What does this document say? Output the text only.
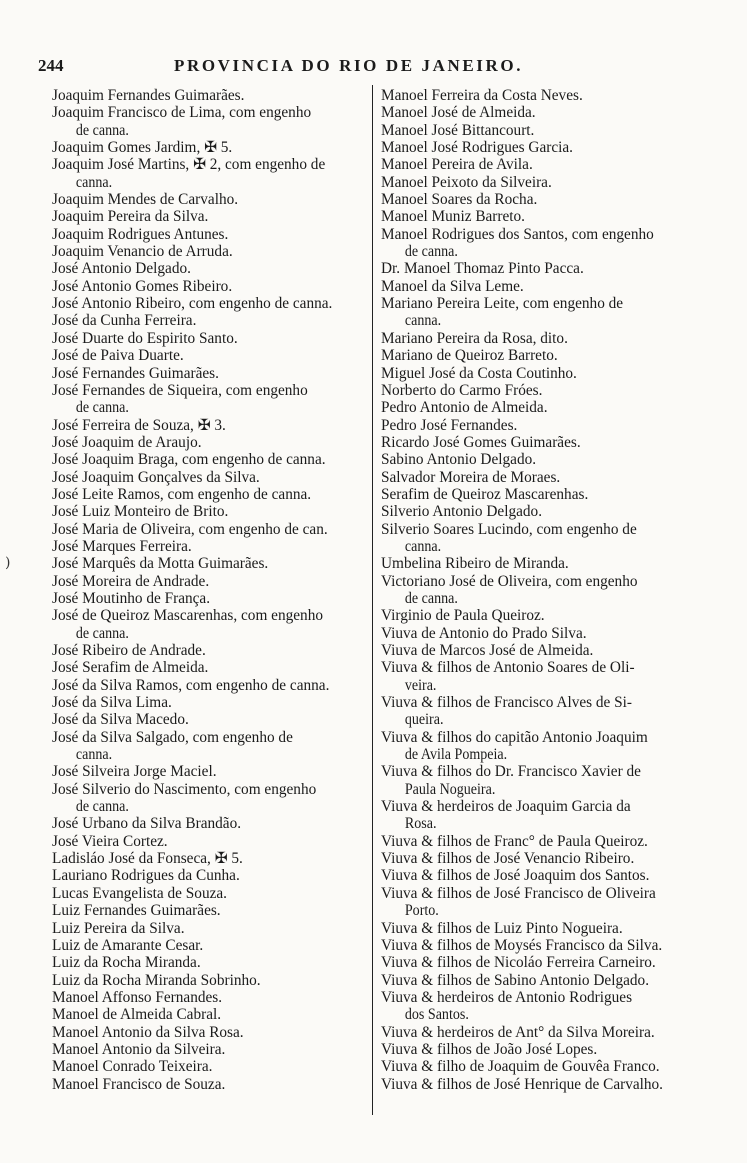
244	PROVINCIA DO RIO DE JANEIRO.
Joaquim Fernandes Guimarães.
Joaquim Francisco de Lima, com engenho
de canna.
Joaquim Gomes Jardim, ✠ 5.
Joaquim José Martins, ✠ 2, com engenho de
canna.
Joaquim Mendes de Carvalho.
Joaquim Pereira da Silva.
Joaquim Rodrigues Antunes.
Joaquim Venancio de Arruda.
José Antonio Delgado.
José Antonio Gomes Ribeiro.
José Antonio Ribeiro, com engenho de canna.
José da Cunha Ferreira.
José Duarte do Espirito Santo.
José de Paiva Duarte.
José Fernandes Guimarães.
José Fernandes de Siqueira, com engenho
de canna.
José Ferreira de Souza, ✠ 3.
José Joaquim de Araujo.
José Joaquim Braga, com engenho de canna.
José Joaquim Gonçalves da Silva.
José Leite Ramos, com engenho de canna.
José Luiz Monteiro de Brito.
José Maria de Oliveira, com engenho de can.
José Marques Ferreira.
José Marquês da Motta Guimarães.
José Moreira de Andrade.
José Moutinho de França.
José de Queiroz Mascarenhas, com engenho
de canna.
José Ribeiro de Andrade.
José Serafim de Almeida.
José da Silva Ramos, com engenho de canna.
José da Silva Lima.
José da Silva Macedo.
José da Silva Salgado, com engenho de
canna.
José Silveira Jorge Maciel.
José Silverio do Nascimento, com engenho
de canna.
José Urbano da Silva Brandão.
José Vieira Cortez.
Ladisláo José da Fonseca, ✠ 5.
Lauriano Rodrigues da Cunha.
Lucas Evangelista de Souza.
Luiz Fernandes Guimarães.
Luiz Pereira da Silva.
Luiz de Amarante Cesar.
Luiz da Rocha Miranda.
Luiz da Rocha Miranda Sobrinho.
Manoel Affonso Fernandes.
Manoel de Almeida Cabral.
Manoel Antonio da Silva Rosa.
Manoel Antonio da Silveira.
Manoel Conrado Teixeira.
Manoel Francisco de Souza.
Manoel Ferreira da Costa Neves.
Manoel José de Almeida.
Manoel José Bittancourt.
Manoel José Rodrigues Garcia.
Manoel Pereira de Avila.
Manoel Peixoto da Silveira.
Manoel Soares da Rocha.
Manoel Muniz Barreto.
Manoel Rodrigues dos Santos, com engenho
de canna.
Dr. Manoel Thomaz Pinto Pacca.
Manoel da Silva Leme.
Mariano Pereira Leite, com engenho de
canna.
Mariano Pereira da Rosa, dito.
Mariano de Queiroz Barreto.
Miguel José da Costa Coutinho.
Norberto do Carmo Fróes.
Pedro Antonio de Almeida.
Pedro José Fernandes.
Ricardo José Gomes Guimarães.
Sabino Antonio Delgado.
Salvador Moreira de Moraes.
Serafim de Queiroz Mascarenhas.
Silverio Antonio Delgado.
Silverio Soares Lucindo, com engenho de
canna.
Umbelina Ribeiro de Miranda.
Victoriano José de Oliveira, com engenho
de canna.
Virginio de Paula Queiroz.
Viuva de Antonio do Prado Silva.
Viuva de Marcos José de Almeida.
Viuva & filhos de Antonio Soares de Oli-
veira.
Viuva & filhos de Francisco Alves de Si-
queira.
Viuva & filhos do capitão Antonio Joaquim
de Avila Pompeia.
Viuva & filhos do Dr. Francisco Xavier de
Paula Nogueira.
Viuva & herdeiros de Joaquim Garcia da
Rosa.
Viuva & filhos de Franc° de Paula Queiroz.
Viuva & filhos de José Venancio Ribeiro.
Viuva & filhos de José Joaquim dos Santos.
Viuva & filhos de José Francisco de Oliveira
Porto.
Viuva & filhos de Luiz Pinto Nogueira.
Viuva & filhos de Moysés Francisco da Silva.
Viuva & filhos de Nicoláo Ferreira Carneiro.
Viuva & filhos de Sabino Antonio Delgado.
Viuva & herdeiros de Antonio Rodrigues
dos Santos.
Viuva & herdeiros de Ant° da Silva Moreira.
Viuva & filhos de João José Lopes.
Viuva & filho de Joaquim de Gouvêa Franco.
Viuva & filhos de José Henrique de Carvalho.
)
